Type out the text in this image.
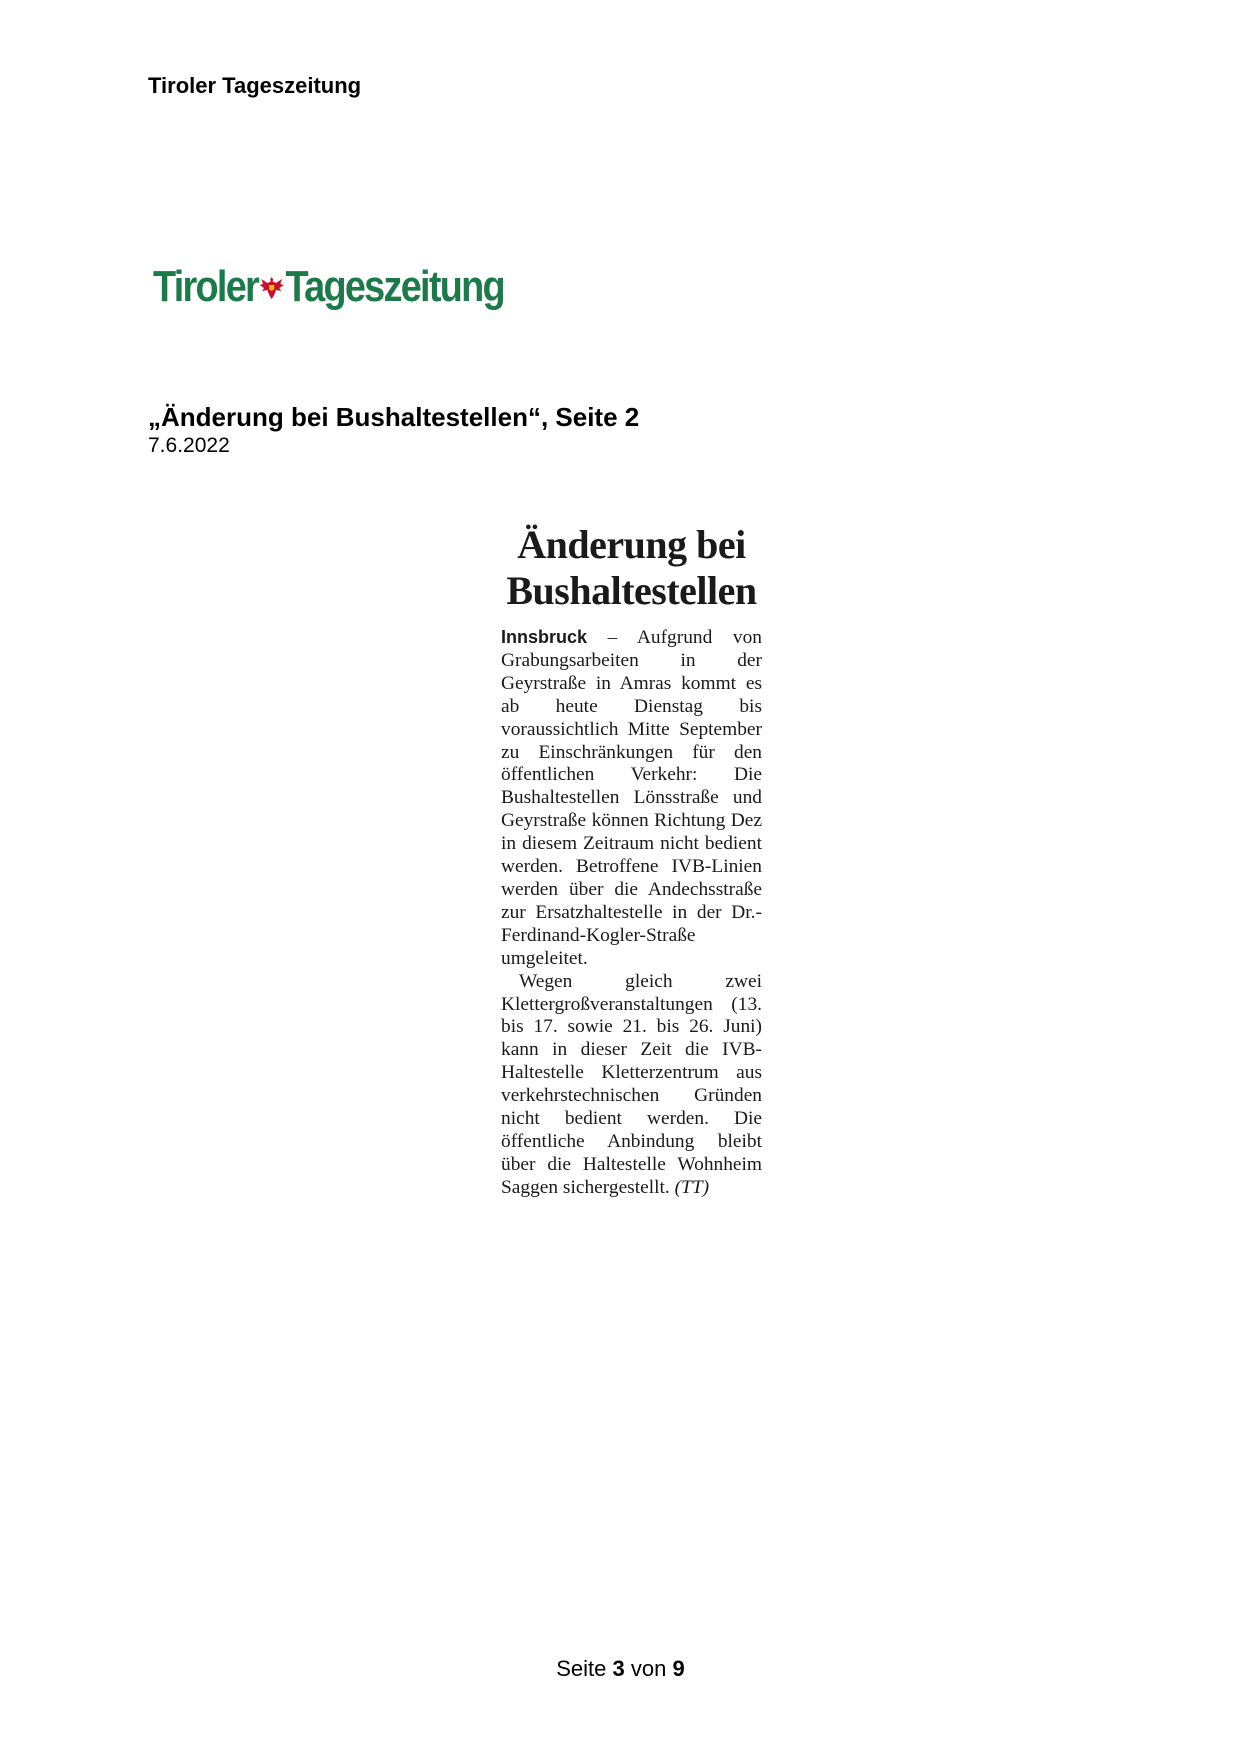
Tiroler Tageszeitung
Tiroler Tageszeitung
„Änderung bei Bushaltestellen“, Seite 2
7.6.2022
Änderung bei Bushaltestellen

Innsbruck – Aufgrund von Grabungsarbeiten in der Geyrstraße in Amras kommt es ab heute Dienstag bis voraussichtlich Mitte September zu Einschränkungen für den öffentlichen Verkehr: Die Bushaltestellen Lönsstraße und Geyrstraße können Richtung Dez in diesem Zeitraum nicht bedient werden. Betroffene IVB-Linien werden über die Andechsstraße zur Ersatzhaltestelle in der Dr.-Ferdinand-Kogler-Straße umgeleitet.

Wegen gleich zwei Klettergroßveranstaltungen (13. bis 17. sowie 21. bis 26. Juni) kann in dieser Zeit die IVB-Haltestelle Kletterzentrum aus verkehrstechnischen Gründen nicht bedient werden. Die öffentliche Anbindung bleibt über die Haltestelle Wohnheim Saggen sichergestellt. (TT)

Seite 3 von 9
